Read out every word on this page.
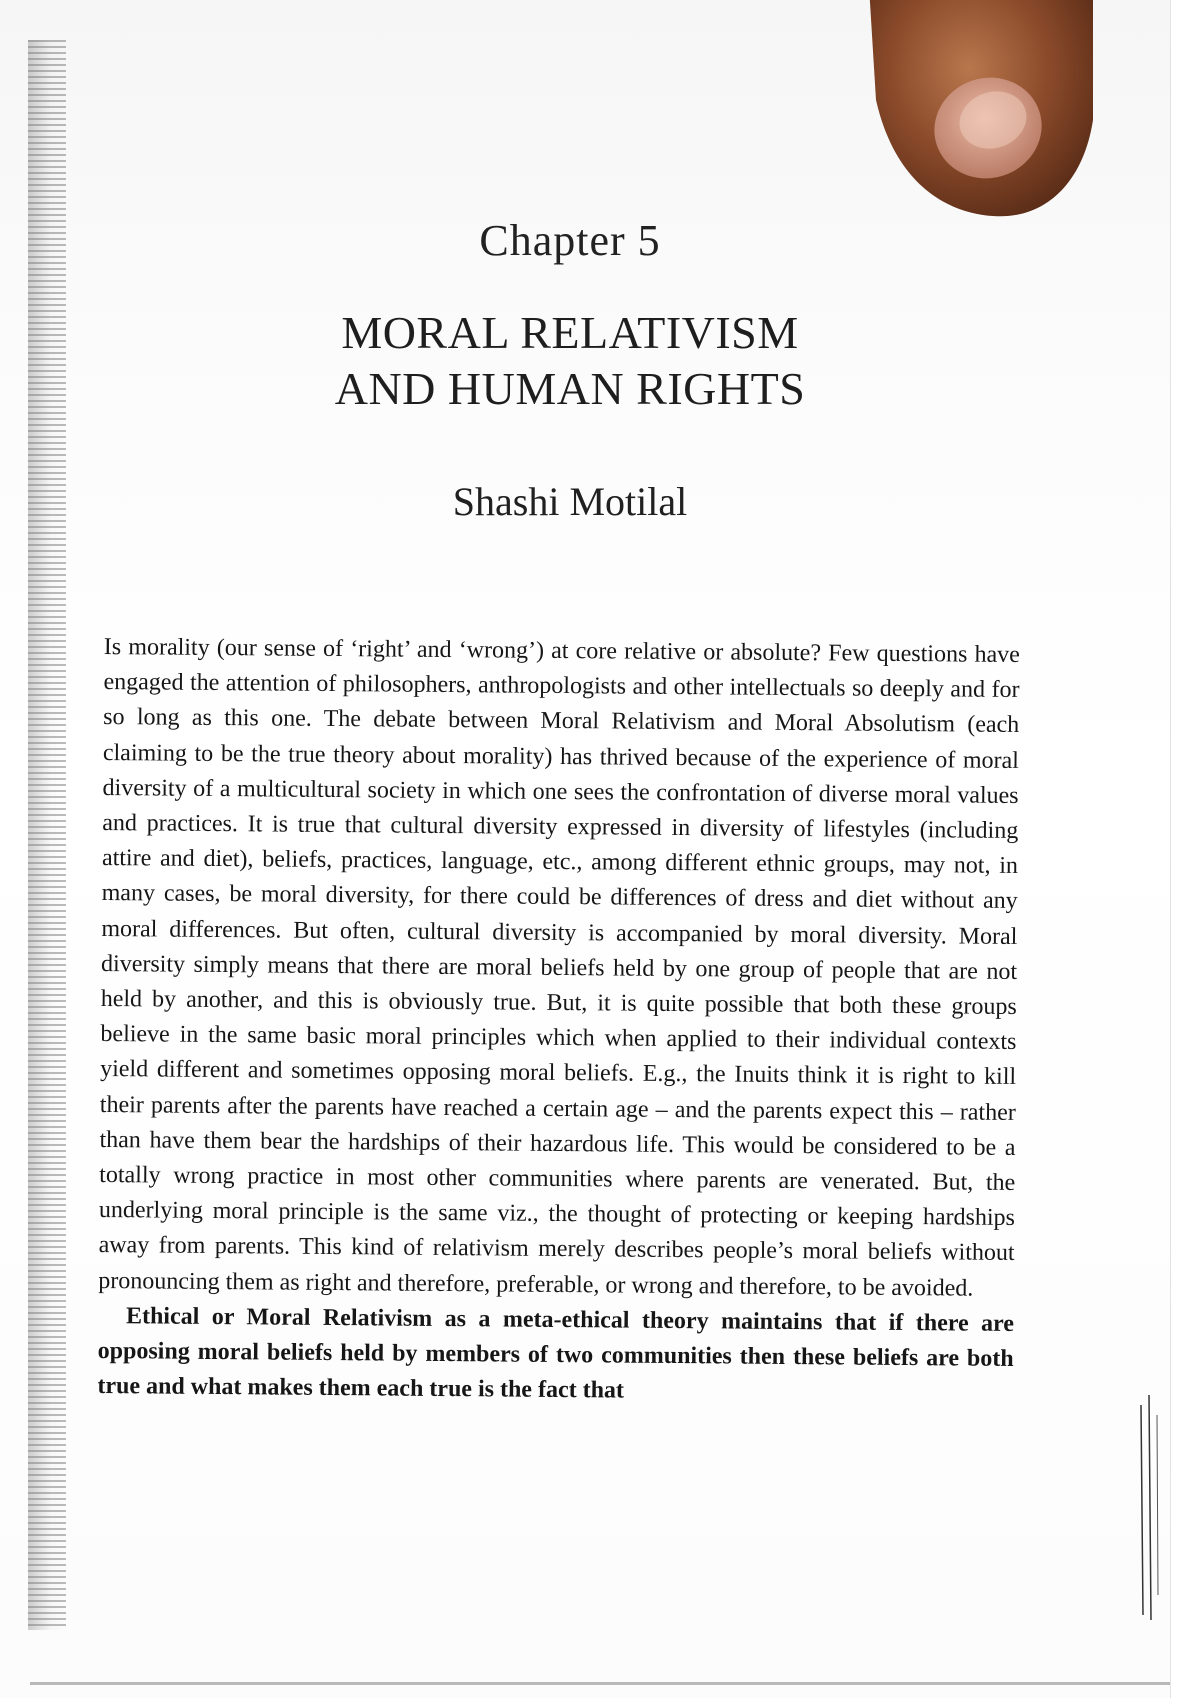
Chapter 5
MORAL RELATIVISM
AND HUMAN RIGHTS
Shashi Motilal

Is morality (our sense of ‘right’ and ‘wrong’) at core relative or absolute? Few questions have engaged the attention of philosophers, anthropologists and other intellectuals so deeply and for so long as this one. The debate between Moral Relativism and Moral Absolutism (each claiming to be the true theory about morality) has thrived because of the experience of moral diversity of a multicultural society in which one sees the confrontation of diverse moral values and practices. It is true that cultural diversity expressed in diversity of lifestyles (including attire and diet), beliefs, practices, language, etc., among different ethnic groups, may not, in many cases, be moral diversity, for there could be differences of dress and diet without any moral differences. But often, cultural diversity is accompanied by moral diversity. Moral diversity simply means that there are moral beliefs held by one group of people that are not held by another, and this is obviously true. But, it is quite possible that both these groups believe in the same basic moral principles which when applied to their individual contexts yield different and sometimes opposing moral beliefs. E.g., the Inuits think it is right to kill their parents after the parents have reached a certain age – and the parents expect this – rather than have them bear the hardships of their hazardous life. This would be considered to be a totally wrong practice in most other communities where parents are venerated. But, the underlying moral principle is the same viz., the thought of protecting or keeping hardships away from parents. This kind of relativism merely describes people’s moral beliefs without pronouncing them as right and therefore, preferable, or wrong and therefore, to be avoided.

Ethical or Moral Relativism as a meta-ethical theory maintains that if there are opposing moral beliefs held by members of two communities then these beliefs are both true and what makes them each true is the fact that
